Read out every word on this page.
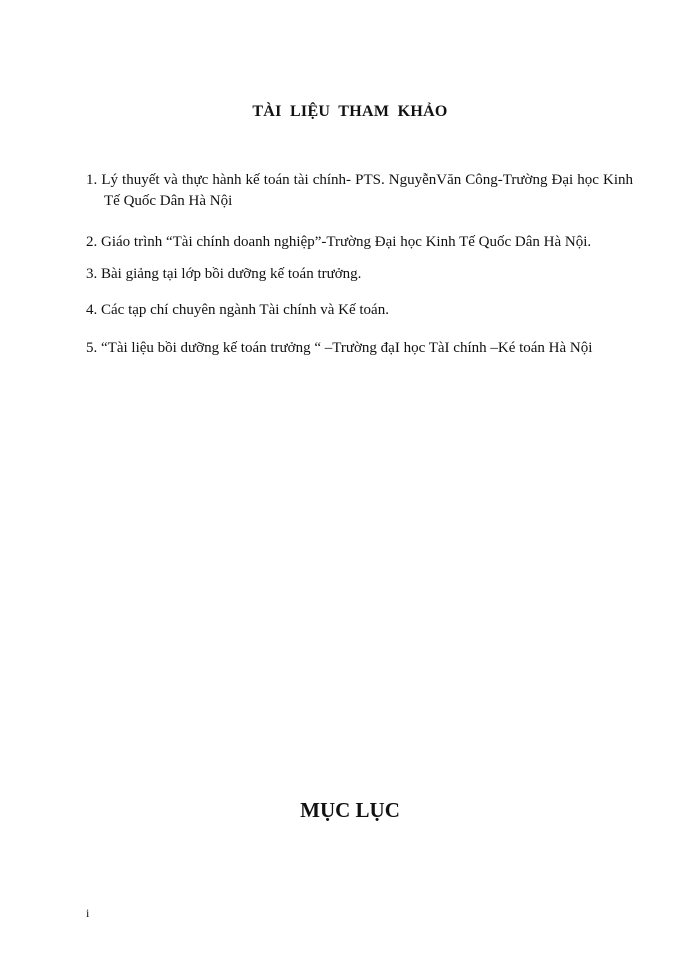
TÀI LIỆU THAM KHẢO
1. Lý thuyết và thực hành kế toán tài chính- PTS. NguyễnVăn Công-Trường Đại học Kinh Tế Quốc Dân Hà Nội
2. Giáo trình “Tài chính doanh nghiệp”-Trường Đại học Kinh Tế Quốc Dân Hà Nội.
3. Bài giảng tại lớp bồi dưỡng kế toán trưởng.
4. Các tạp chí chuyên ngành Tài chính và Kế toán.
5. “Tài liệu bồi dưỡng kế toán trưởng “ –Trường đạI học TàI chính –Ké toán Hà Nội
MỤC LỤC
i
